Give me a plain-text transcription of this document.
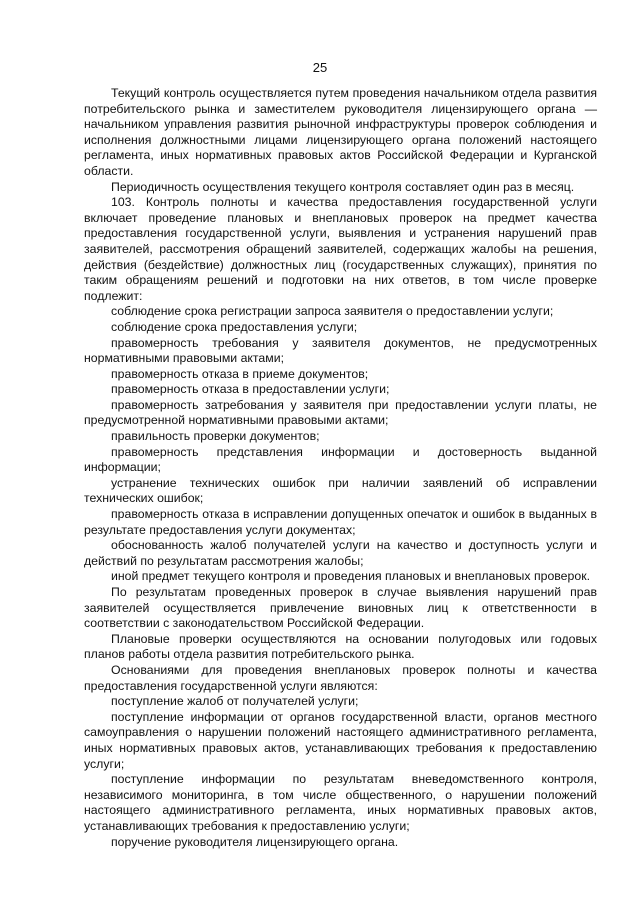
25

Текущий контроль осуществляется путем проведения начальником отдела развития потребительского рынка и заместителем руководителя лицензирующего органа — начальником управления развития рыночной инфраструктуры проверок соблюдения и исполнения должностными лицами лицензирующего органа положений настоящего регламента, иных нормативных правовых актов Российской Федерации и Курганской области.

Периодичность осуществления текущего контроля составляет один раз в месяц.

103. Контроль полноты и качества предоставления государственной услуги включает проведение плановых и внеплановых проверок на предмет качества предоставления государственной услуги, выявления и устранения нарушений прав заявителей, рассмотрения обращений заявителей, содержащих жалобы на решения, действия (бездействие) должностных лиц (государственных служащих), принятия по таким обращениям решений и подготовки на них ответов, в том числе проверке подлежит:

соблюдение срока регистрации запроса заявителя о предоставлении услуги;

соблюдение срока предоставления услуги;

правомерность требования у заявителя документов, не предусмотренных нормативными правовыми актами;

правомерность отказа в приеме документов;

правомерность отказа в предоставлении услуги;

правомерность затребования у заявителя при предоставлении услуги платы, не предусмотренной нормативными правовыми актами;

правильность проверки документов;

правомерность представления информации и достоверность выданной информации;

устранение технических ошибок при наличии заявлений об исправлении технических ошибок;

правомерность отказа в исправлении допущенных опечаток и ошибок в выданных в результате предоставления услуги документах;

обоснованность жалоб получателей услуги на качество и доступность услуги и действий по результатам рассмотрения жалобы;

иной предмет текущего контроля и проведения плановых и внеплановых проверок.

По результатам проведенных проверок в случае выявления нарушений прав заявителей осуществляется привлечение виновных лиц к ответственности в соответствии с законодательством Российской Федерации.

Плановые проверки осуществляются на основании полугодовых или годовых планов работы отдела развития потребительского рынка.

Основаниями для проведения внеплановых проверок полноты и качества предоставления государственной услуги являются:

поступление жалоб от получателей услуги;

поступление информации от органов государственной власти, органов местного самоуправления о нарушении положений настоящего административного регламента, иных нормативных правовых актов, устанавливающих требования к предоставлению услуги;

поступление информации по результатам вневедомственного контроля, независимого мониторинга, в том числе общественного, о нарушении положений настоящего административного регламента, иных нормативных правовых актов, устанавливающих требования к предоставлению услуги;

поручение руководителя лицензирующего органа.
